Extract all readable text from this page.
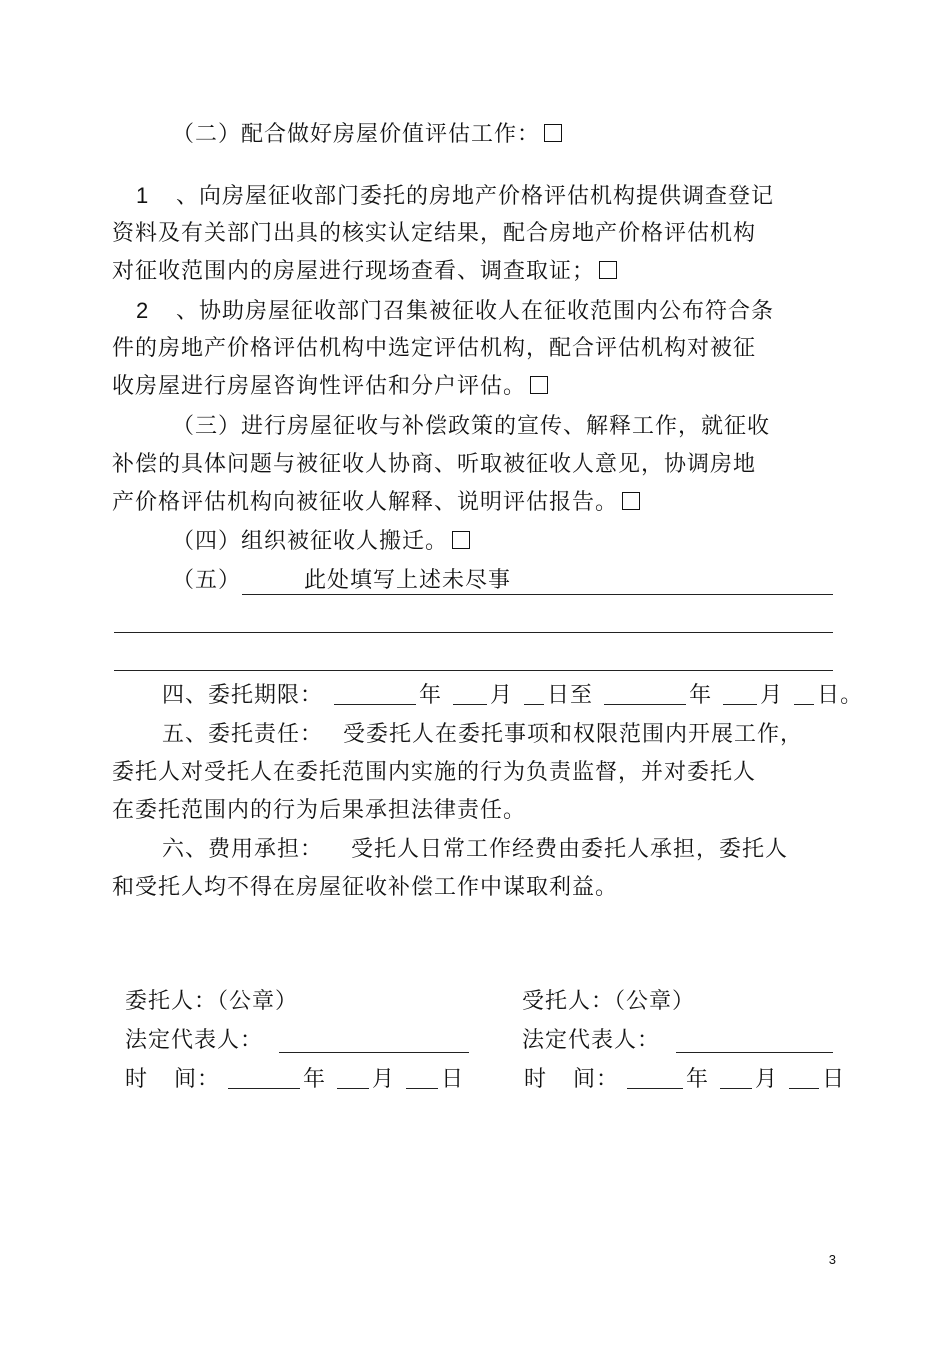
（二）配合做好房屋价值评估工作：
1 、向房屋征收部门委托的房地产价格评估机构提供调查登记
资料及有关部门出具的核实认定结果，配合房地产价格评估机构
对征收范围内的房屋进行现场查看、调查取证；
2 、协助房屋征收部门召集被征收人在征收范围内公布符合条
件的房地产价格评估机构中选定评估机构，配合评估机构对被征
收房屋进行房屋咨询性评估和分户评估。
（三）进行房屋征收与补偿政策的宣传、解释工作，就征收
补偿的具体问题与被征收人协商、听取被征收人意见，协调房地
产价格评估机构向被征收人解释、说明评估报告。
（四）组织被征收人搬迁。
（五）	此处填写上述未尽事
四、委托期限：	年 月 日至	年 月 日。
五、委托责任： 受委托人在委托事项和权限范围内开展工作，
委托人对受托人在委托范围内实施的行为负责监督，并对委托人
在委托范围内的行为后果承担法律责任。
六、费用承担： 受托人日常工作经费由委托人承担，委托人
和受托人均不得在房屋征收补偿工作中谋取利益。
委托人：（公章）
法定代表人：
时 间：	年 月 日
受托人：（公章）
法定代表人：
时 间：	年 月 日
3
